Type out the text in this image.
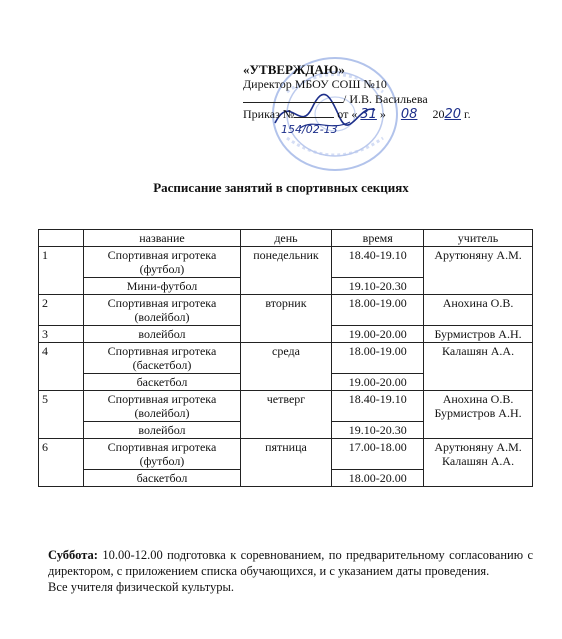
«УТВЕРЖДАЮ»
Директор МБОУ СОШ №10
/ И.В. Васильева
Приказ №	от « 31 » 08 2020 г.
154/02-13
Расписание занятий в спортивных секциях
	название	день	время	учитель
1	Спортивная игротека (футбол)	понедельник	18.40-19.10	Арутюняну А.М.
	Мини-футбол		19.10-20.30	
2	Спортивная игротека (волейбол)	вторник	18.00-19.00	Анохина О.В.
3	волейбол		19.00-20.00	Бурмистров А.Н.
4	Спортивная игротека (баскетбол)	среда	18.00-19.00	Калашян А.А.
	баскетбол		19.00-20.00	
5	Спортивная игротека (волейбол)	четверг	18.40-19.10	Анохина О.В. Бурмистров А.Н.
	волейбол		19.10-20.30	
6	Спортивная игротека (футбол)	пятница	17.00-18.00	Арутюняну А.М. Калашян А.А.
	баскетбол		18.00-20.00	
Суббота: 10.00-12.00 подготовка к соревнованием, по предварительному согласованию с директором, с приложением списка обучающихся, и с указанием даты проведения.
Все учителя физической культуры.
